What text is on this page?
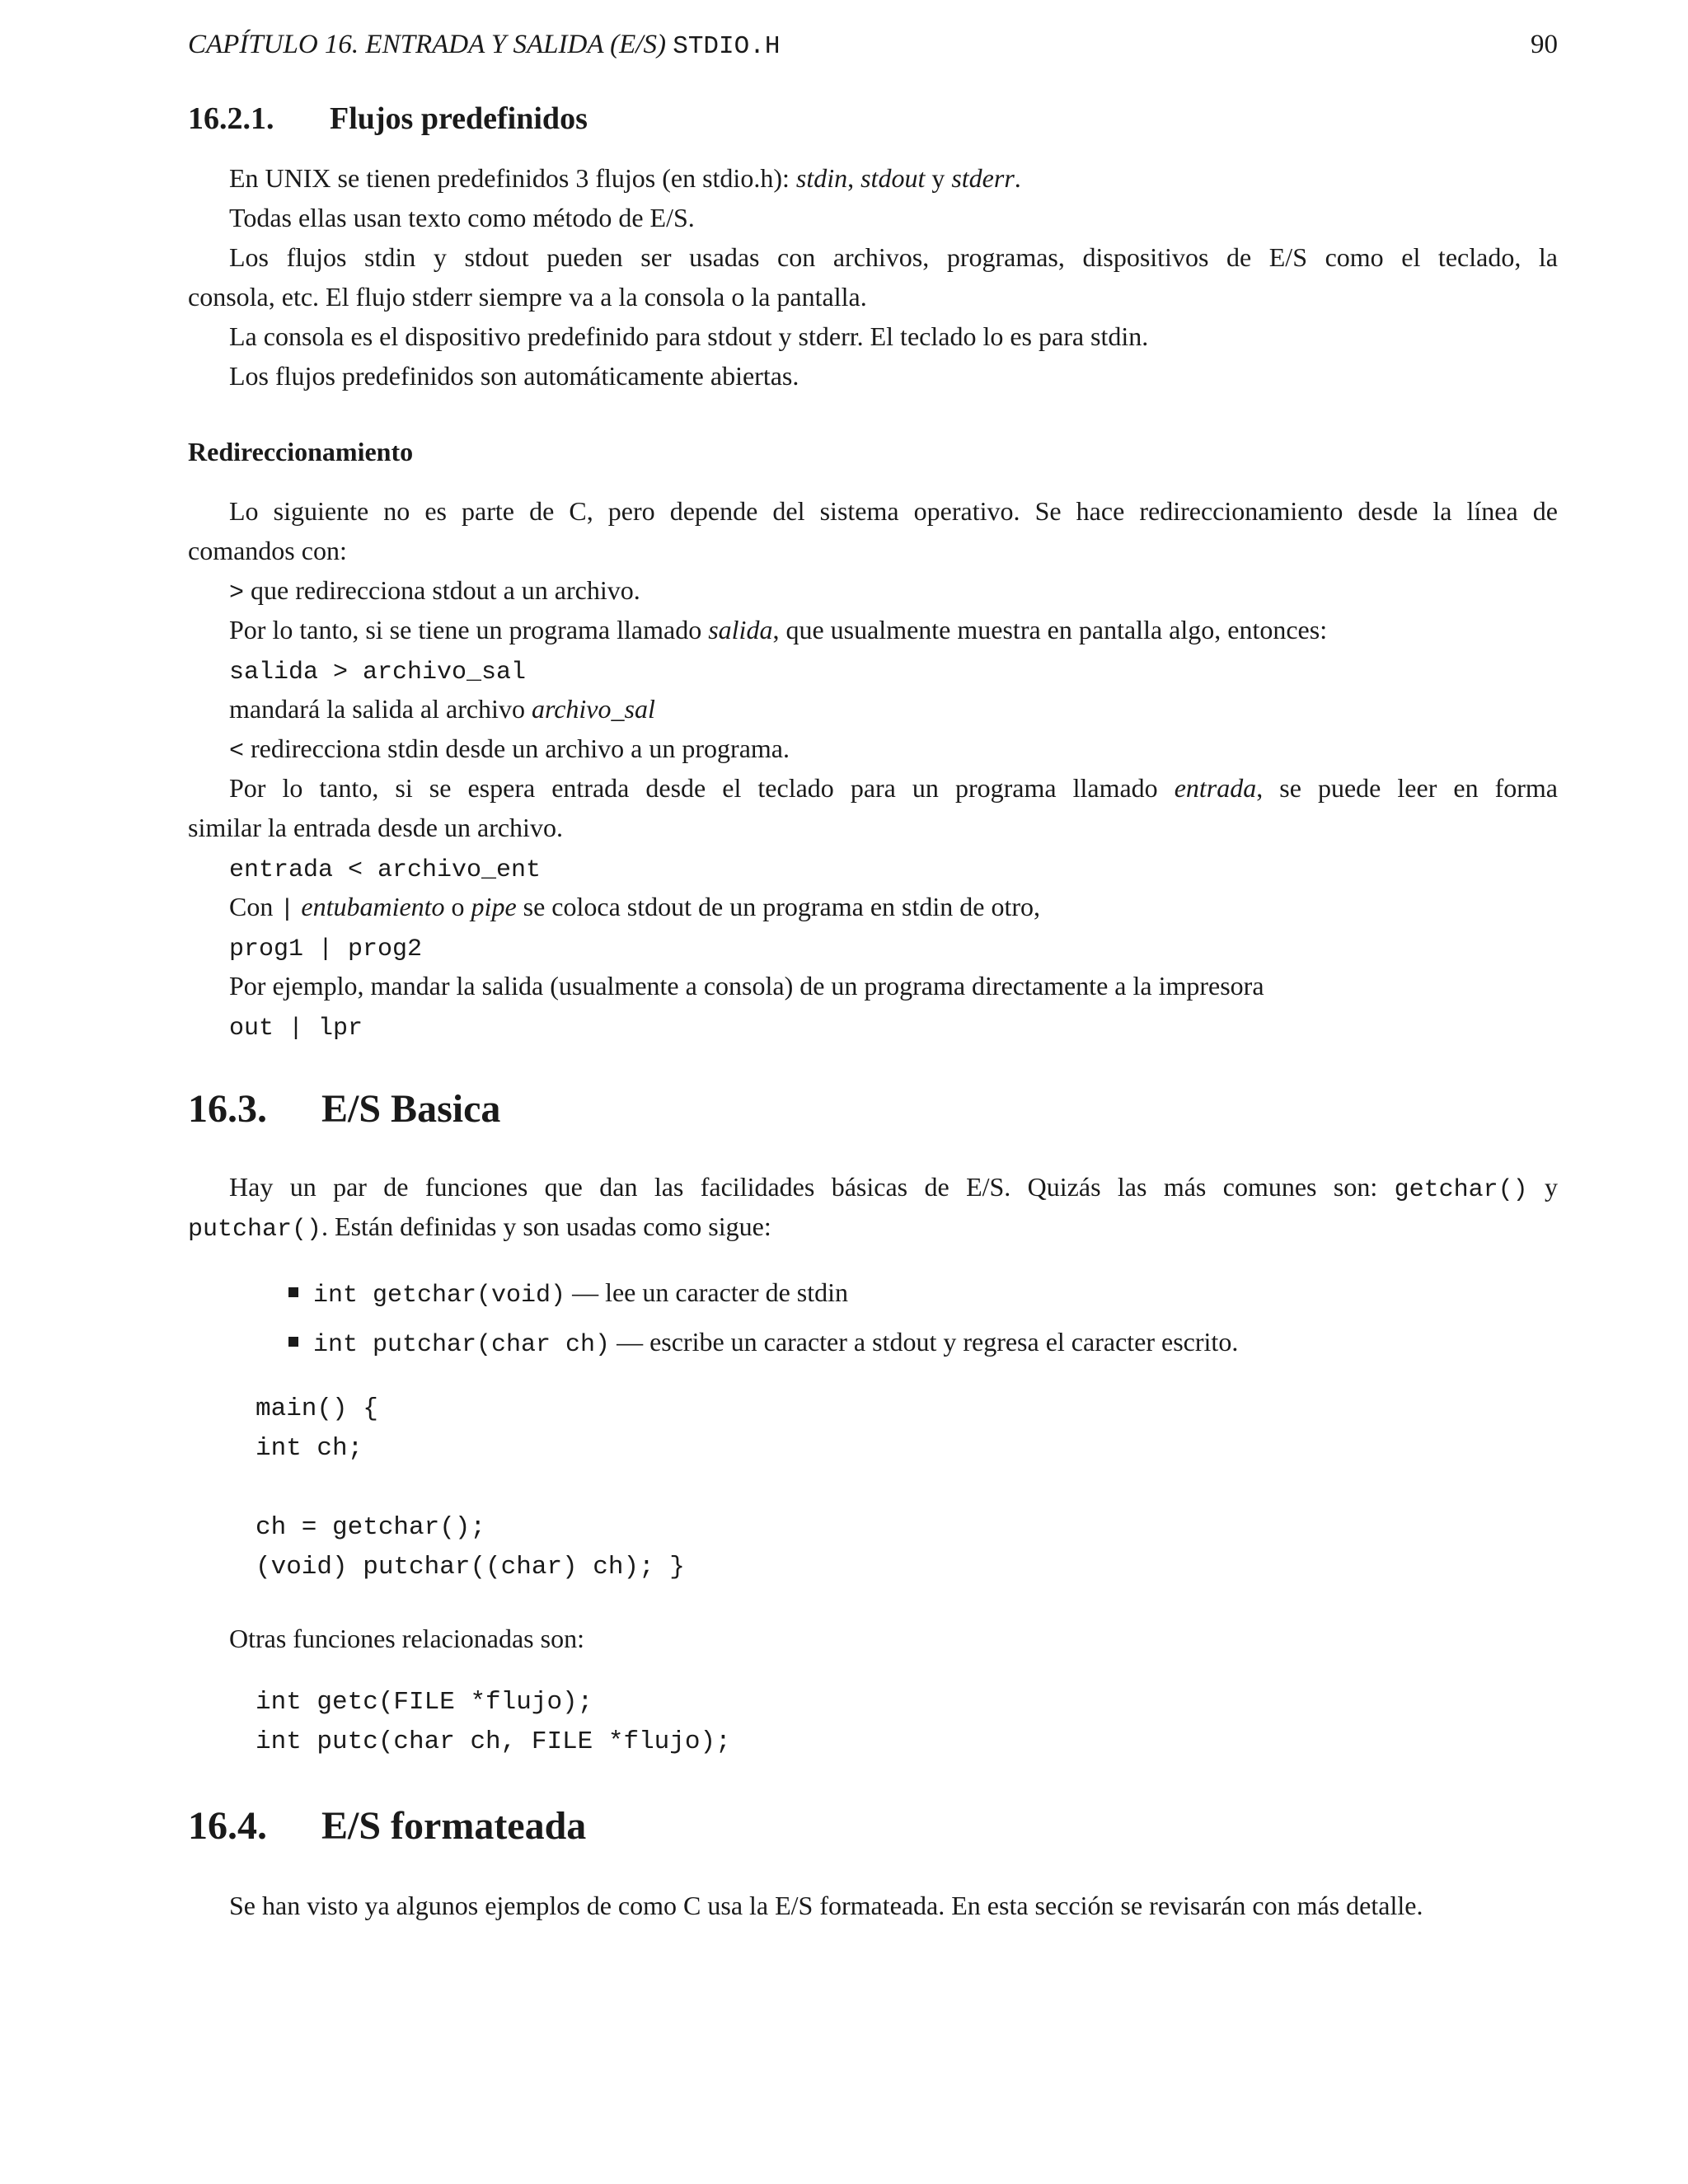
CAPÍTULO 16. ENTRADA Y SALIDA (E/S) STDIO.H	90
16.2.1. Flujos predefinidos
En UNIX se tienen predefinidos 3 flujos (en stdio.h): stdin, stdout y stderr.
Todas ellas usan texto como método de E/S.
Los flujos stdin y stdout pueden ser usadas con archivos, programas, dispositivos de E/S como el teclado, la
consola, etc. El flujo stderr siempre va a la consola o la pantalla.
La consola es el dispositivo predefinido para stdout y stderr. El teclado lo es para stdin.
Los flujos predefinidos son automáticamente abiertas.
Redireccionamiento
Lo siguiente no es parte de C, pero depende del sistema operativo. Se hace redireccionamiento desde la línea de
comandos con:
> que redirecciona stdout a un archivo.
Por lo tanto, si se tiene un programa llamado salida, que usualmente muestra en pantalla algo, entonces:
salida > archivo_sal
mandará la salida al archivo archivo_sal
< redirecciona stdin desde un archivo a un programa.
Por lo tanto, si se espera entrada desde el teclado para un programa llamado entrada, se puede leer en forma
similar la entrada desde un archivo.
entrada < archivo_ent
Con | entubamiento o pipe se coloca stdout de un programa en stdin de otro,
prog1 | prog2
Por ejemplo, mandar la salida (usualmente a consola) de un programa directamente a la impresora
out | lpr
16.3. E/S Basica
Hay un par de funciones que dan las facilidades básicas de E/S. Quizás las más comunes son: getchar() y
putchar(). Están definidas y son usadas como sigue:
int getchar(void) — lee un caracter de stdin
int putchar(char ch) — escribe un caracter a stdout y regresa el caracter escrito.
main() {
int ch;

ch = getchar();
(void) putchar((char) ch); }
Otras funciones relacionadas son:
int getc(FILE *flujo);
int putc(char ch, FILE *flujo);
16.4. E/S formateada
Se han visto ya algunos ejemplos de como C usa la E/S formateada. En esta sección se revisarán con más detalle.
